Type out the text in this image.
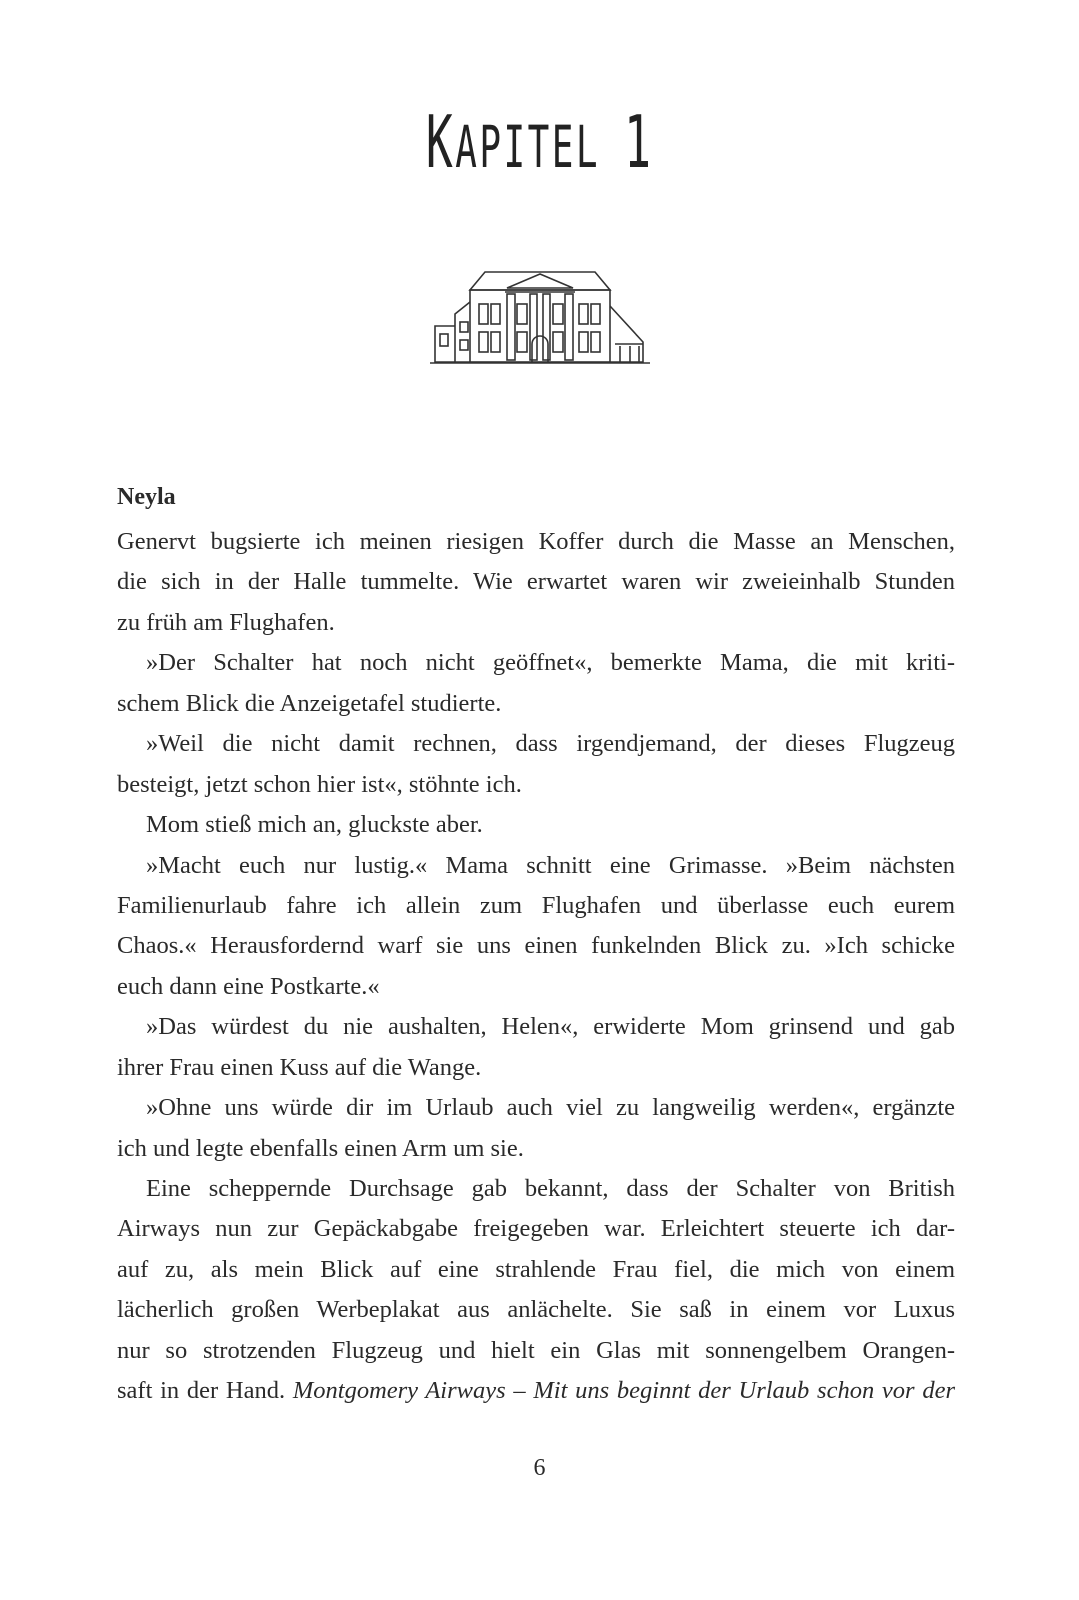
KAPITEL 1
Neyla
Genervt bugsierte ich meinen riesigen Koffer durch die Masse an Menschen,
die sich in der Halle tummelte. Wie erwartet waren wir zweieinhalb Stunden
zu früh am Flughafen.
»Der Schalter hat noch nicht geöffnet«, bemerkte Mama, die mit kriti-
schem Blick die Anzeigetafel studierte.
»Weil die nicht damit rechnen, dass irgendjemand, der dieses Flugzeug
besteigt, jetzt schon hier ist«, stöhnte ich.
Mom stieß mich an, gluckste aber.
»Macht euch nur lustig.« Mama schnitt eine Grimasse. »Beim nächsten
Familienurlaub fahre ich allein zum Flughafen und überlasse euch eurem
Chaos.« Herausfordernd warf sie uns einen funkelnden Blick zu. »Ich schicke
euch dann eine Postkarte.«
»Das würdest du nie aushalten, Helen«, erwiderte Mom grinsend und gab
ihrer Frau einen Kuss auf die Wange.
»Ohne uns würde dir im Urlaub auch viel zu langweilig werden«, ergänzte
ich und legte ebenfalls einen Arm um sie.
Eine scheppernde Durchsage gab bekannt, dass der Schalter von British
Airways nun zur Gepäckabgabe freigegeben war. Erleichtert steuerte ich dar-
auf zu, als mein Blick auf eine strahlende Frau fiel, die mich von einem
lächerlich großen Werbeplakat aus anlächelte. Sie saß in einem vor Luxus
nur so strotzenden Flugzeug und hielt ein Glas mit sonnengelbem Orangen-
saft in der Hand. Montgomery Airways – Mit uns beginnt der Urlaub schon vor der
6
